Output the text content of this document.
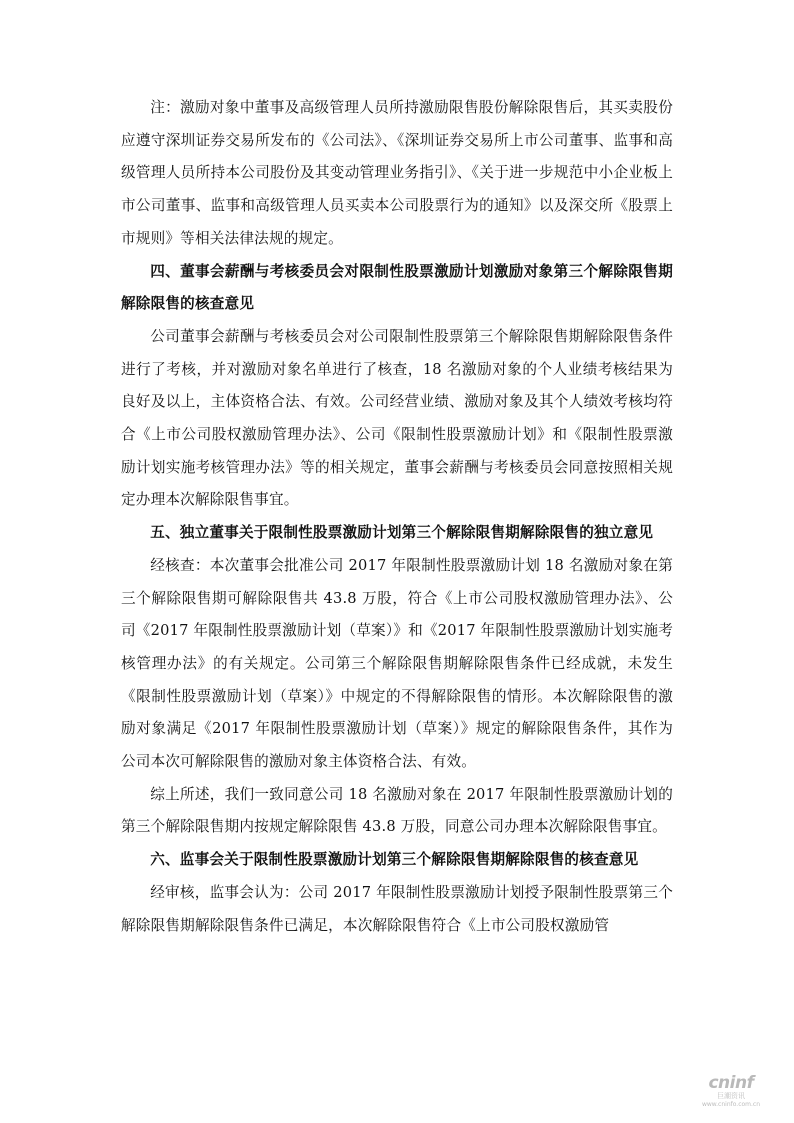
注：激励对象中董事及高级管理人员所持激励限售股份解除限售后，其买卖股份应遵守深圳证券交易所发布的《公司法》、《深圳证券交易所上市公司董事、监事和高级管理人员所持本公司股份及其变动管理业务指引》、《关于进一步规范中小企业板上市公司董事、监事和高级管理人员买卖本公司股票行为的通知》以及深交所《股票上市规则》等相关法律法规的规定。

四、董事会薪酬与考核委员会对限制性股票激励计划激励对象第三个解除限售期解除限售的核查意见

公司董事会薪酬与考核委员会对公司限制性股票第三个解除限售期解除限售条件进行了考核，并对激励对象名单进行了核查，18 名激励对象的个人业绩考核结果为良好及以上，主体资格合法、有效。公司经营业绩、激励对象及其个人绩效考核均符合《上市公司股权激励管理办法》、公司《限制性股票激励计划》和《限制性股票激励计划实施考核管理办法》等的相关规定，董事会薪酬与考核委员会同意按照相关规定办理本次解除限售事宜。

五、独立董事关于限制性股票激励计划第三个解除限售期解除限售的独立意见

经核查：本次董事会批准公司 2017 年限制性股票激励计划 18 名激励对象在第三个解除限售期可解除限售共 43.8 万股，符合《上市公司股权激励管理办法》、公司《2017 年限制性股票激励计划（草案）》和《2017 年限制性股票激励计划实施考核管理办法》的有关规定。公司第三个解除限售期解除限售条件已经成就，未发生《限制性股票激励计划（草案）》中规定的不得解除限售的情形。本次解除限售的激励对象满足《2017 年限制性股票激励计划（草案）》规定的解除限售条件，其作为公司本次可解除限售的激励对象主体资格合法、有效。

综上所述，我们一致同意公司 18 名激励对象在 2017 年限制性股票激励计划的第三个解除限售期内按规定解除限售 43.8 万股，同意公司办理本次解除限售事宜。

六、监事会关于限制性股票激励计划第三个解除限售期解除限售的核查意见

经审核，监事会认为：公司 2017 年限制性股票激励计划授予限制性股票第三个解除限售期解除限售条件已满足，本次解除限售符合《上市公司股权激励管

cninf
巨潮资讯
www.cninfo.com.cn
